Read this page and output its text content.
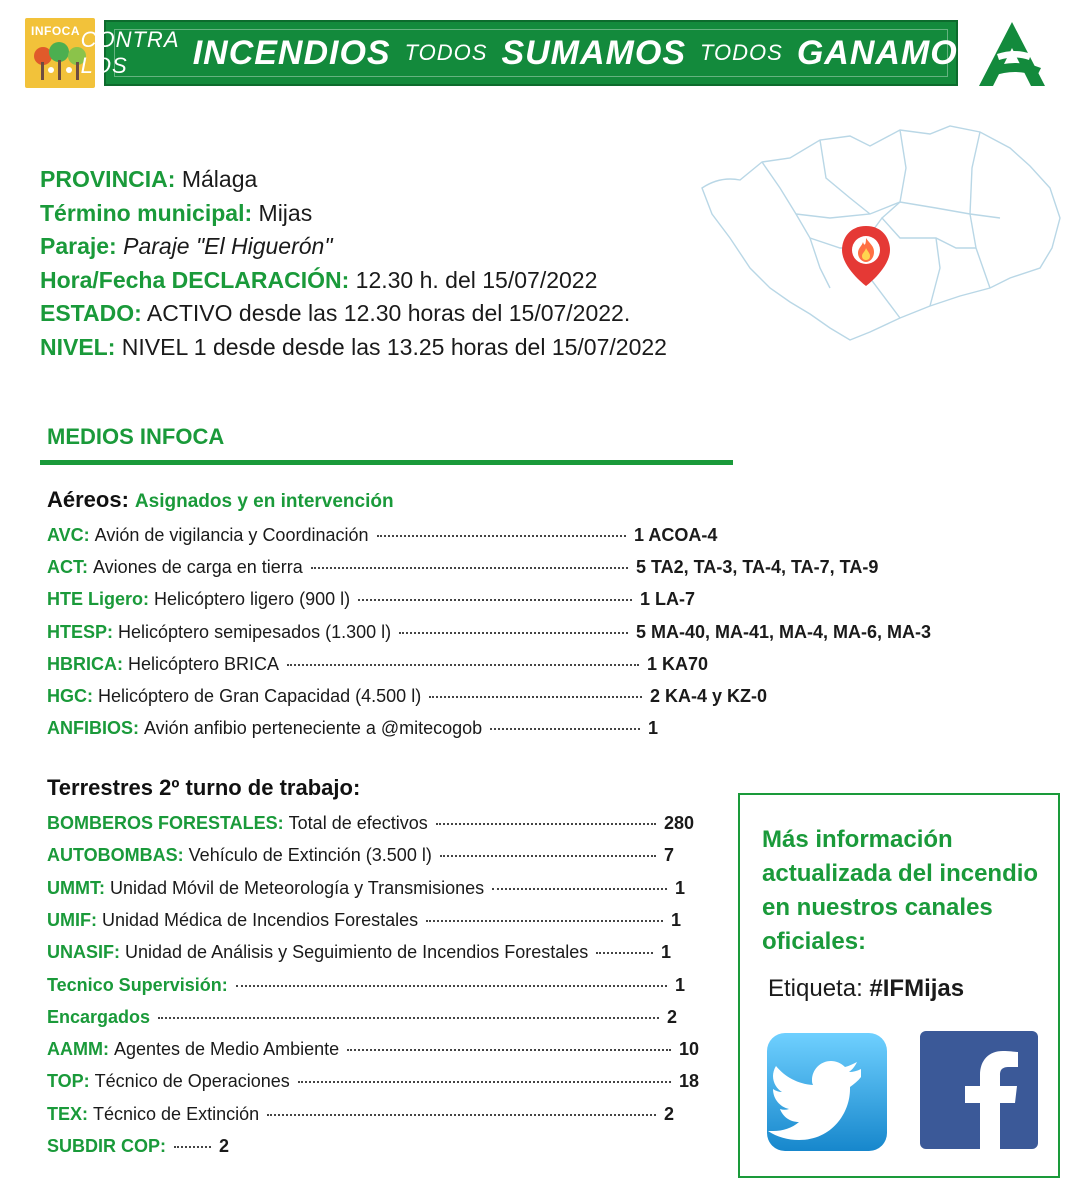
INFOCA CONTRA LOS	INCENDIOS TODOS SUMAMOS TODOS GANAMOS
PROVINCIA: Málaga
Término municipal: Mijas
Paraje: Paraje "El Higuerón"
Hora/Fecha DECLARACIÓN: 12.30 h. del 15/07/2022
ESTADO: ACTIVO desde las 12.30 horas del 15/07/2022.
NIVEL: NIVEL 1 desde desde las 13.25 horas del 15/07/2022
MEDIOS INFOCA
Aéreos: Asignados y en intervención
AVC: Avión de vigilancia y Coordinación	1 ACOA-4
ACT: Aviones de carga en tierra	5 TA2, TA-3, TA-4, TA-7, TA-9
HTE Ligero: Helicóptero ligero (900 l)	1 LA-7
HTESP: Helicóptero semipesados (1.300 l)	5 MA-40, MA-41, MA-4, MA-6, MA-3
HBRICA: Helicóptero BRICA	1 KA70
HGC: Helicóptero de Gran Capacidad (4.500 l)	2 KA-4 y KZ-0
ANFIBIOS: Avión anfibio perteneciente a @mitecogob	1
Terrestres 2º turno de trabajo:
BOMBEROS FORESTALES: Total de efectivos	280
AUTOBOMBAS: Vehículo de Extinción (3.500 l)	7
UMMT: Unidad Móvil de Meteorología y Transmisiones	1
UMIF: Unidad Médica de Incendios Forestales	1
UNASIF: Unidad de Análisis y Seguimiento de Incendios Forestales	1
Tecnico Supervisión:	1
Encargados	2
AAMM: Agentes de Medio Ambiente	10
TOP: Técnico de Operaciones	18
TEX: Técnico de Extinción	2
SUBDIR COP:	2
Más información actualizada del incendio en nuestros canales oficiales:
Etiqueta: #IFMijas
